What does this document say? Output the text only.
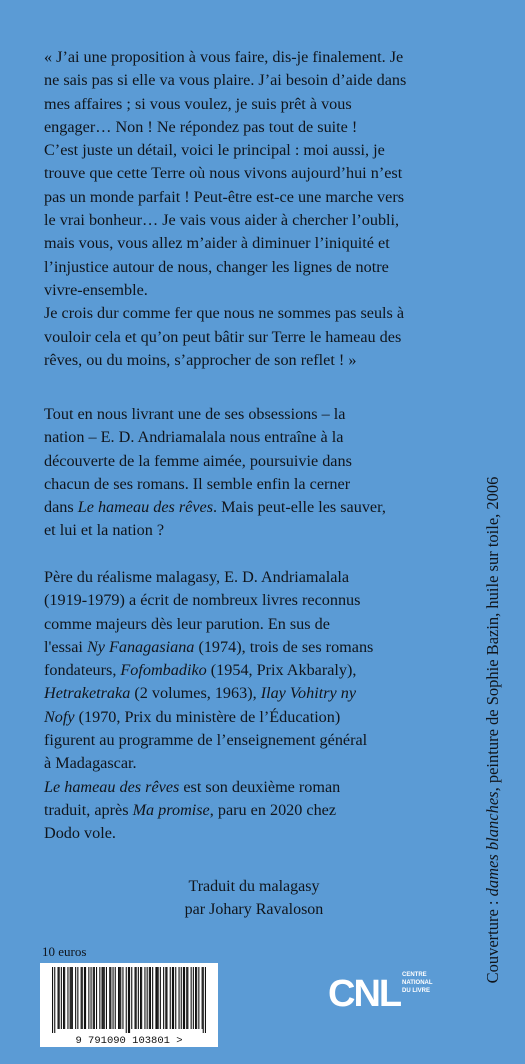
« J’ai une proposition à vous faire, dis-je finalement. Je

ne sais pas si elle va vous plaire. J’ai besoin d’aide dans

mes affaires ; si vous voulez, je suis prêt à vous

engager… Non ! Ne répondez pas tout de suite !

C’est juste un détail, voici le principal : moi aussi, je

trouve que cette Terre où nous vivons aujourd’hui n’est

pas un monde parfait ! Peut-être est-ce une marche vers

le vrai bonheur… Je vais vous aider à chercher l’oubli,

mais vous, vous allez m’aider à diminuer l’iniquité et

l’injustice autour de nous, changer les lignes de notre

vivre-ensemble.

Je crois dur comme fer que nous ne sommes pas seuls à

vouloir cela et qu’on peut bâtir sur Terre le hameau des

rêves, ou du moins, s’approcher de son reflet ! »

Tout en nous livrant une de ses obsessions – la

nation – E. D. Andriamalala nous entraîne à la

découverte de la femme aimée, poursuivie dans

chacun de ses romans. Il semble enfin la cerner

dans Le hameau des rêves. Mais peut-elle les sauver,

et lui et la nation ?

Père du réalisme malagasy, E. D. Andriamalala

(1919-1979) a écrit de nombreux livres reconnus

comme majeurs dès leur parution. En sus de

l'essai Ny Fanagasiana (1974), trois de ses romans

fondateurs, Fofombadiko (1954, Prix Akbaraly),

Hetraketraka (2 volumes, 1963), Ilay Vohitry ny

Nofy (1970, Prix du ministère de l’Éducation)

figurent au programme de l’enseignement général

à Madagascar.

Le hameau des rêves est son deuxième roman

traduit, après Ma promise, paru en 2020 chez

Dodo vole.

Traduit du malagasy
par Johary Ravaloson
10 euros
9 791090 103801 >
CNL CENTRE
NATIONAL
DU LIVRE
Couverture : dames blanches, peinture de Sophie Bazin, huile sur toile, 2006
